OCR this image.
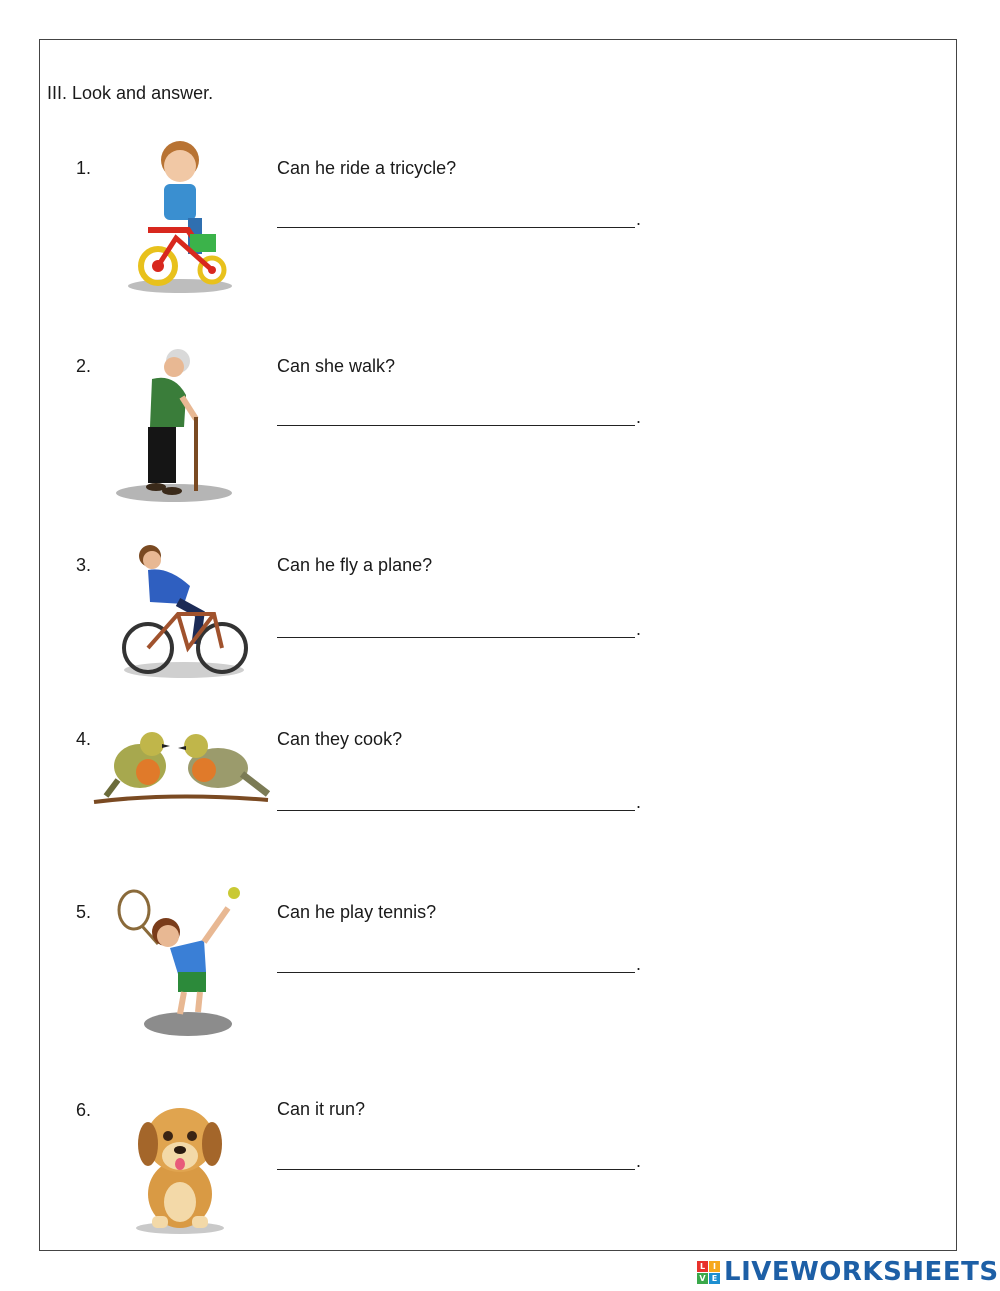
III. Look and answer.
1.	Can he ride a tricycle?
.
2.	Can she walk?
.
3.	Can he fly a plane?
.
4.	Can they cook?
.
5.	Can he play tennis?
.
6.	Can it run?
.
L I
V E LIVEWORKSHEETS
